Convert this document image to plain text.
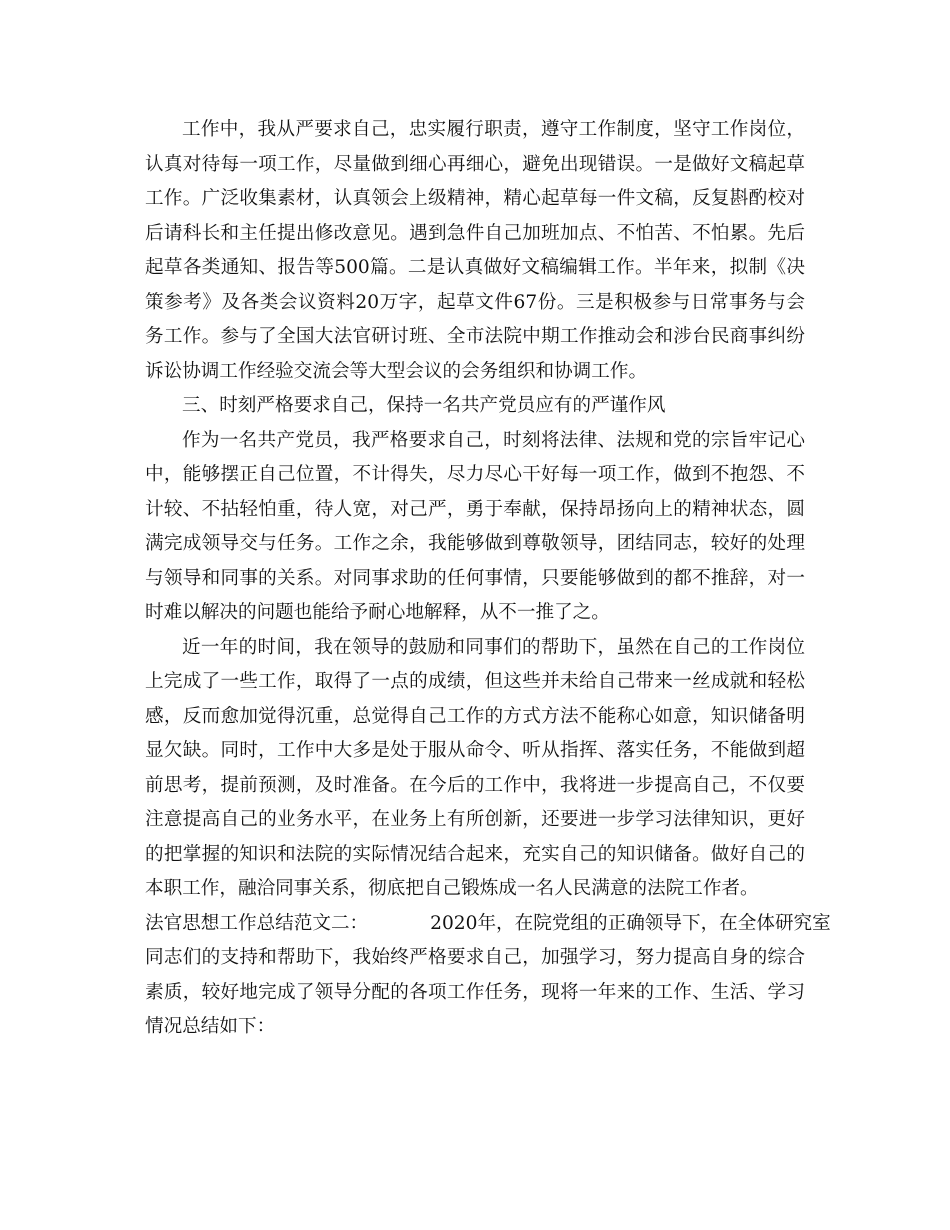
工作中，我从严要求自己，忠实履行职责，遵守工作制度，坚守工作岗位，
认真对待每一项工作，尽量做到细心再细心，避免出现错误。一是做好文稿起草
工作。广泛收集素材，认真领会上级精神，精心起草每一件文稿，反复斟酌校对
后请科长和主任提出修改意见。遇到急件自己加班加点、不怕苦、不怕累。先后
起草各类通知、报告等500篇。二是认真做好文稿编辑工作。半年来，拟制《决
策参考》及各类会议资料20万字，起草文件67份。三是积极参与日常事务与会
务工作。参与了全国大法官研讨班、全市法院中期工作推动会和涉台民商事纠纷
诉讼协调工作经验交流会等大型会议的会务组织和协调工作。
三、时刻严格要求自己，保持一名共产党员应有的严谨作风
作为一名共产党员，我严格要求自己，时刻将法律、法规和党的宗旨牢记心
中，能够摆正自己位置，不计得失，尽力尽心干好每一项工作，做到不抱怨、不
计较、不拈轻怕重，待人宽，对己严，勇于奉献，保持昂扬向上的精神状态，圆
满完成领导交与任务。工作之余，我能够做到尊敬领导，团结同志，较好的处理
与领导和同事的关系。对同事求助的任何事情，只要能够做到的都不推辞，对一
时难以解决的问题也能给予耐心地解释，从不一推了之。
近一年的时间，我在领导的鼓励和同事们的帮助下，虽然在自己的工作岗位
上完成了一些工作，取得了一点的成绩，但这些并未给自己带来一丝成就和轻松
感，反而愈加觉得沉重，总觉得自己工作的方式方法不能称心如意，知识储备明
显欠缺。同时，工作中大多是处于服从命令、听从指挥、落实任务，不能做到超
前思考，提前预测，及时准备。在今后的工作中，我将进一步提高自己，不仅要
注意提高自己的业务水平，在业务上有所创新，还要进一步学习法律知识，更好
的把掌握的知识和法院的实际情况结合起来，充实自己的知识储备。做好自己的
本职工作，融洽同事关系，彻底把自己锻炼成一名人民满意的法院工作者。
法官思想工作总结范文二：	2020年，在院党组的正确领导下，在全体研究室
同志们的支持和帮助下，我始终严格要求自己，加强学习，努力提高自身的综合
素质，较好地完成了领导分配的各项工作任务，现将一年来的工作、生活、学习
情况总结如下：
